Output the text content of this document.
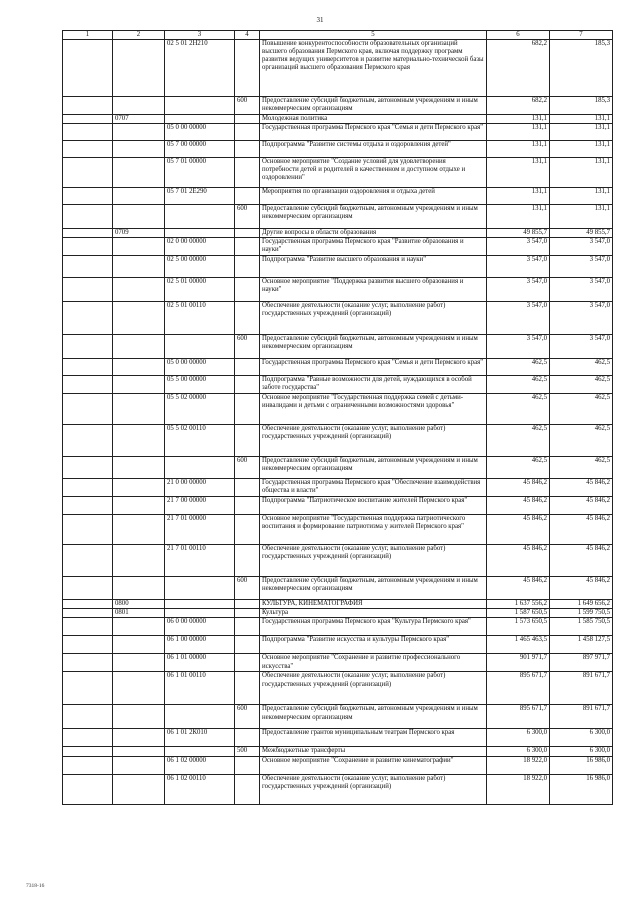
31
1	2	3	4	5	6	7
		02 5 01 2Н210		Повышение конкурентоспособности образовательных организаций высшего образования Пермского края, включая поддержку программ развития ведущих университетов и развитие материально-технической базы организаций высшего образования Пермского края	682,2	185,3
			600	Предоставление субсидий бюджетным, автономным учреждениям и иным некоммерческим организациям	682,2	185,3
	0707			Молодежная политика	131,1	131,1
		05 0 00 00000		Государственная программа Пермского края "Семья и дети Пермского края"	131,1	131,1
		05 7 00 00000		Подпрограмма "Развитие системы отдыха и оздоровления детей"	131,1	131,1
		05 7 01 00000		Основное мероприятие "Создание условий для удовлетворения потребности детей и родителей в качественном и доступном отдыхе и оздоровлении"	131,1	131,1
		05 7 01 2Е290		Мероприятия по организации оздоровления и отдыха детей	131,1	131,1
			600	Предоставление субсидий бюджетным, автономным учреждениям и иным некоммерческим организациям	131,1	131,1
	0709			Другие вопросы в области образования	49 855,7	49 855,7
		02 0 00 00000		Государственная программа Пермского края "Развитие образования и науки"	3 547,0	3 547,0
		02 5 00 00000		Подпрограмма "Развитие высшего образования и науки"	3 547,0	3 547,0
		02 5 01 00000		Основное мероприятие "Поддержка развития высшего образования и науки"	3 547,0	3 547,0
		02 5 01 00110		Обеспечение деятельности (оказание услуг, выполнение работ) государственных учреждений (организаций)	3 547,0	3 547,0
			600	Предоставление субсидий бюджетным, автономным учреждениям и иным некоммерческим организациям	3 547,0	3 547,0
		05 0 00 00000		Государственная программа Пермского края "Семья и дети Пермского края"	462,5	462,5
		05 5 00 00000		Подпрограмма "Равные возможности для детей, нуждающихся в особой заботе государства"	462,5	462,5
		05 5 02 00000		Основное мероприятие "Государственная поддержка семей с детьми-инвалидами и детьми с ограниченными возможностями здоровья"	462,5	462,5
		05 5 02 00110		Обеспечение деятельности (оказание услуг, выполнение работ) государственных учреждений (организаций)	462,5	462,5
			600	Предоставление субсидий бюджетным, автономным учреждениям и иным некоммерческим организациям	462,5	462,5
		21 0 00 00000		Государственная программа Пермского края "Обеспечение взаимодействия общества и власти"	45 846,2	45 846,2
		21 7 00 00000		Подпрограмма "Патриотическое воспитание жителей Пермского края"	45 846,2	45 846,2
		21 7 01 00000		Основное мероприятие "Государственная поддержка патриотического воспитания и формирование патриотизма у жителей Пермского края"	45 846,2	45 846,2
		21 7 01 00110		Обеспечение деятельности (оказание услуг, выполнение работ) государственных учреждений (организаций)	45 846,2	45 846,2
			600	Предоставление субсидий бюджетным, автономным учреждениям и иным некоммерческим организациям	45 846,2	45 846,2
	0800			КУЛЬТУРА, КИНЕМАТОГРАФИЯ	1 637 556,2	1 649 656,2
	0801			Культура	1 587 650,5	1 599 750,5
		06 0 00 00000		Государственная программа Пермского края "Культура Пермского края"	1 573 650,5	1 585 750,5
		06 1 00 00000		Подпрограмма "Развитие искусства и культуры Пермского края"	1 465 463,5	1 458 127,5
		06 1 01 00000		Основное мероприятие "Сохранение и развитие профессионального искусства"	901 971,7	897 971,7
		06 1 01 00110		Обеспечение деятельности (оказание услуг, выполнение работ) государственных учреждений (организаций)	895 671,7	891 671,7
			600	Предоставление субсидий бюджетным, автономным учреждениям и иным некоммерческим организациям	895 671,7	891 671,7
		06 1 01 2К010		Предоставление грантов муниципальным театрам Пермского края	6 300,0	6 300,0
			500	Межбюджетные трансферты	6 300,0	6 300,0
		06 1 02 00000		Основное мероприятие "Сохранение и развитие кинематографии"	18 922,0	16 986,0
		06 1 02 00110		Обеспечение деятельности (оказание услуг, выполнение работ) государственных учреждений (организаций)	18 922,0	16 986,0
7318-16
